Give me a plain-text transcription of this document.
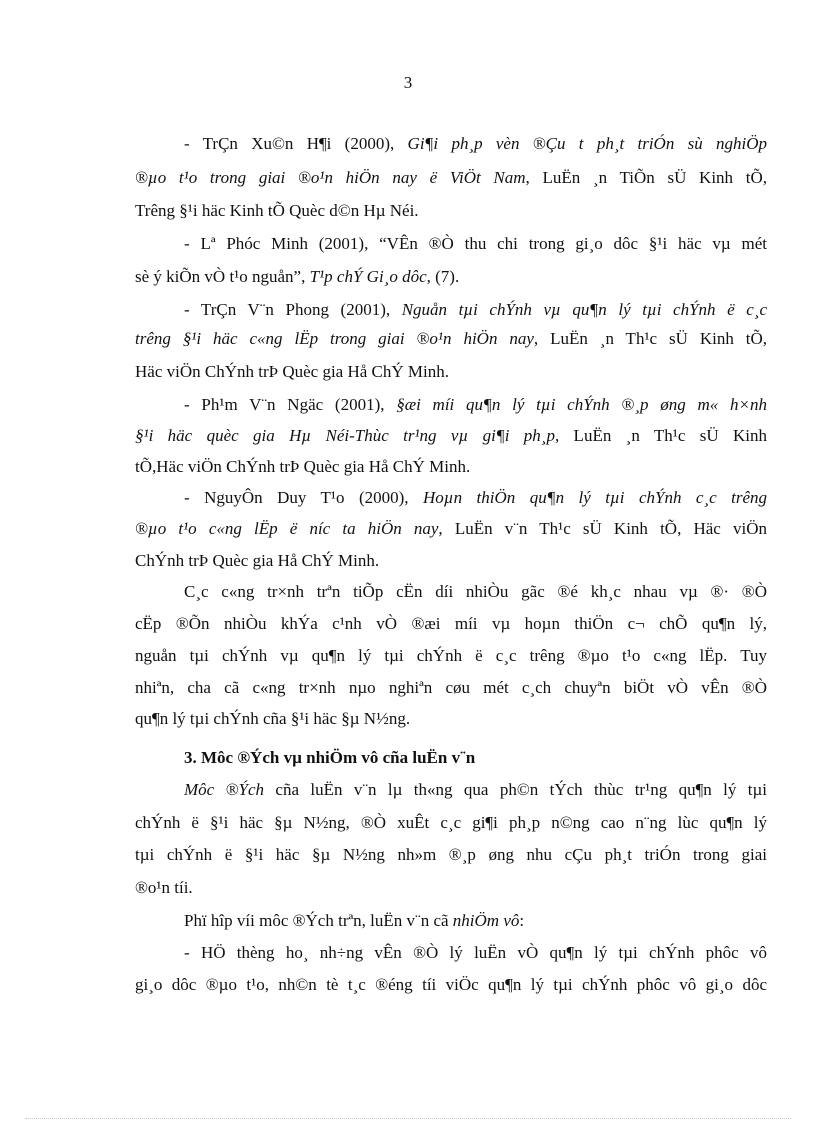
3
- TrÇn Xu©n H¶i (2000), Gi¶i ph¸p vèn ®Çu t ph¸t triÓn sù nghiÖp
®µo t¹o trong giai ®o¹n hiÖn nay ë ViÖt Nam, LuËn ¸n TiÕn sÜ Kinh tÕ,
Trêng §¹i häc Kinh tÕ Quèc d©n Hµ Néi.
- Lª Phóc Minh (2001), “VÊn ®Ò thu chi trong gi¸o dôc §¹i häc vµ mét
sè ý kiÕn vÒ t¹o nguån”, T¹p chÝ Gi¸o dôc, (7).
- TrÇn V¨n Phong (2001), Nguån tµi chÝnh vµ qu¶n lý tµi chÝnh ë c¸c
trêng §¹i häc c«ng lËp trong giai ®o¹n hiÖn nay, LuËn ¸n Th¹c sÜ Kinh tÕ,
Häc viÖn ChÝnh trÞ Quèc gia Hå ChÝ Minh.
- Ph¹m V¨n Ngäc (2001), §æi míi qu¶n lý tµi chÝnh ®¸p øng m« h×nh
§¹i häc quèc gia Hµ Néi-Thùc tr¹ng vµ gi¶i ph¸p, LuËn ¸n Th¹c sÜ Kinh
tÕ,Häc viÖn ChÝnh trÞ Quèc gia Hå ChÝ Minh.
- NguyÔn Duy T¹o (2000), Hoµn thiÖn qu¶n lý tµi chÝnh c¸c trêng
®µo t¹o c«ng lËp ë níc ta hiÖn nay, LuËn v¨n Th¹c sÜ Kinh tÕ, Häc viÖn
ChÝnh trÞ Quèc gia Hå ChÝ Minh.
C¸c c«ng tr×nh trªn tiÕp cËn díi nhiÒu gãc ®é kh¸c nhau vµ ®· ®Ò
cËp ®Õn nhiÒu khÝa c¹nh vÒ ®æi míi vµ hoµn thiÖn c¬ chÕ qu¶n lý,
nguån tµi chÝnh vµ qu¶n lý tµi chÝnh ë c¸c trêng ®µo t¹o c«ng lËp. Tuy
nhiªn, cha cã c«ng tr×nh nµo nghiªn cøu mét c¸ch chuyªn biÖt vÒ vÊn ®Ò
qu¶n lý tµi chÝnh cña §¹i häc §µ N½ng.
3. Môc ®Ých vµ nhiÖm vô cña luËn v¨n
Môc ®Ých cña luËn v¨n lµ th«ng qua ph©n tÝch thùc tr¹ng qu¶n lý tµi
chÝnh ë §¹i häc §µ N½ng, ®Ò xuÊt c¸c gi¶i ph¸p n©ng cao n¨ng lùc qu¶n lý
tµi chÝnh ë §¹i häc §µ N½ng nh»m ®¸p øng nhu cÇu ph¸t triÓn trong giai
®o¹n tíi.
Phï hîp víi môc ®Ých trªn, luËn v¨n cã nhiÖm vô:
- HÖ thèng ho¸ nh÷ng vÊn ®Ò lý luËn vÒ qu¶n lý tµi chÝnh phôc vô
gi¸o dôc ®µo t¹o, nh©n tè t¸c ®éng tíi viÖc qu¶n lý tµi chÝnh phôc vô gi¸o dôc
